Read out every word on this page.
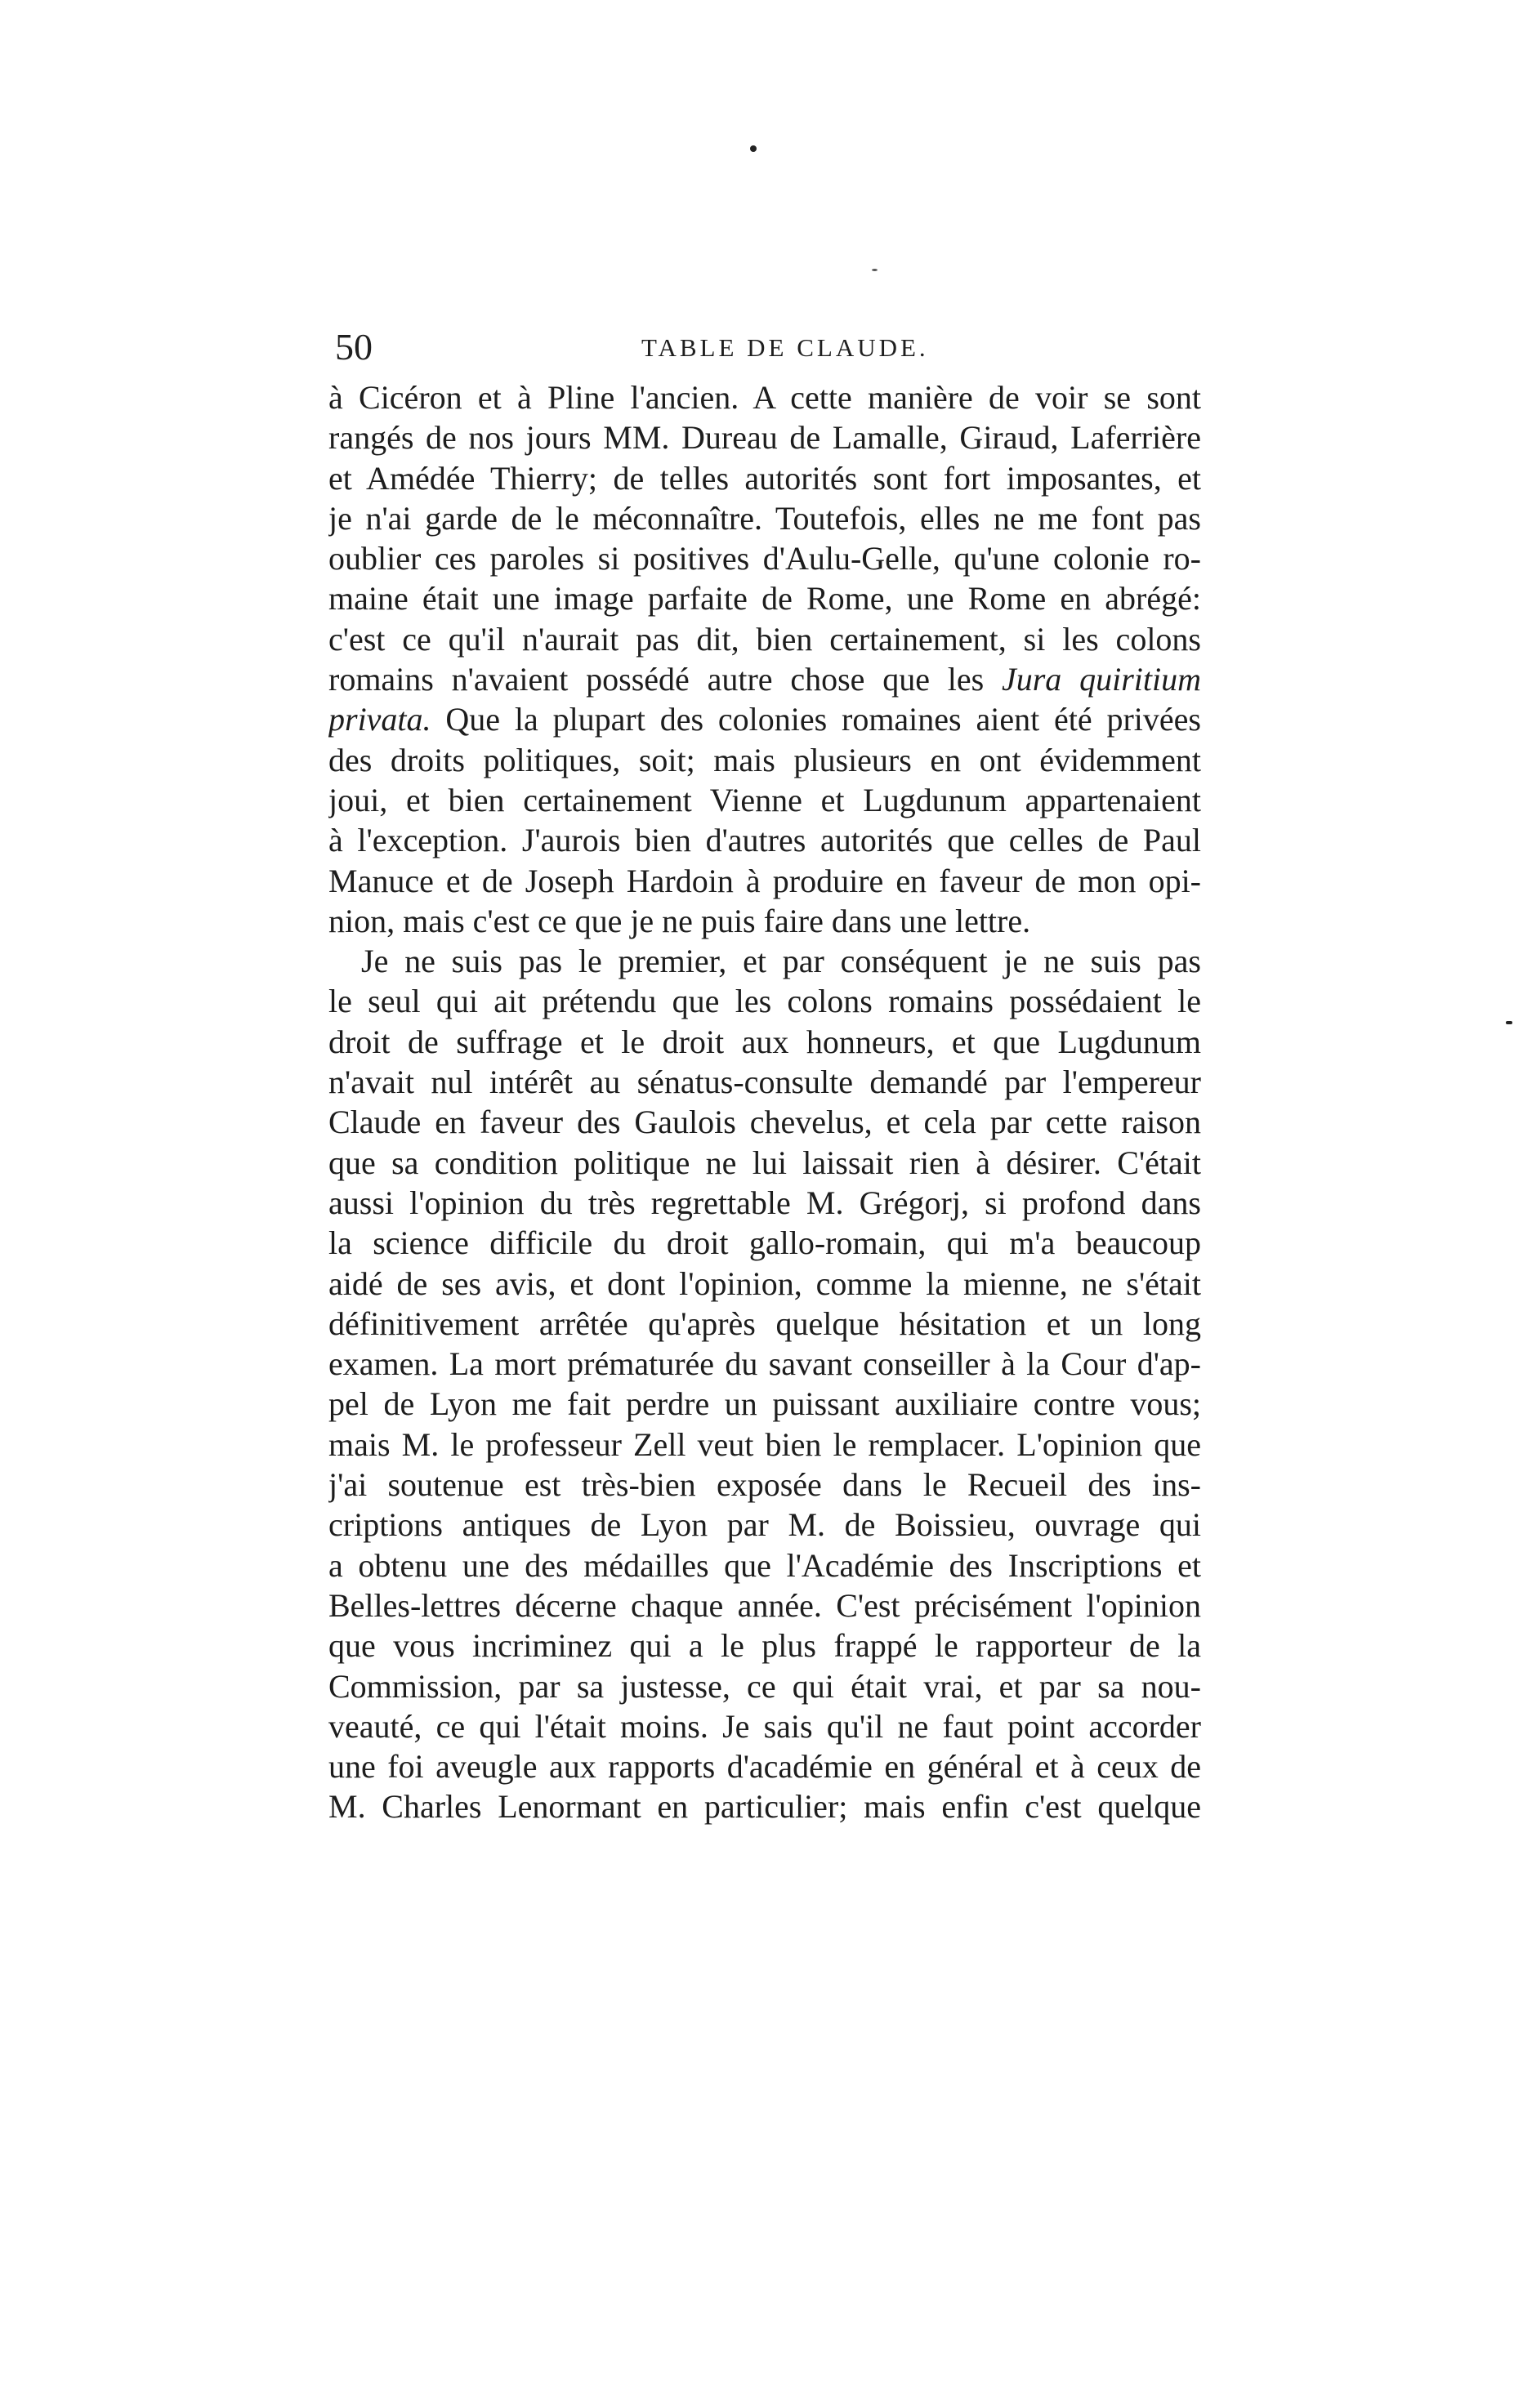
50	TABLE DE CLAUDE.
à Cicéron et à Pline l'ancien. A cette manière de voir se sont
rangés de nos jours MM. Dureau de Lamalle, Giraud, Laferrière
et Amédée Thierry; de telles autorités sont fort imposantes, et
je n'ai garde de le méconnaître. Toutefois, elles ne me font pas
oublier ces paroles si positives d'Aulu-Gelle, qu'une colonie ro-
maine était une image parfaite de Rome, une Rome en abrégé:
c'est ce qu'il n'aurait pas dit, bien certainement, si les colons
romains n'avaient possédé autre chose que les Jura quiritium
privata. Que la plupart des colonies romaines aient été privées
des droits politiques, soit; mais plusieurs en ont évidemment
joui, et bien certainement Vienne et Lugdunum appartenaient
à l'exception. J'aurois bien d'autres autorités que celles de Paul
Manuce et de Joseph Hardoin à produire en faveur de mon opi-
nion, mais c'est ce que je ne puis faire dans une lettre.
Je ne suis pas le premier, et par conséquent je ne suis pas
le seul qui ait prétendu que les colons romains possédaient le
droit de suffrage et le droit aux honneurs, et que Lugdunum
n'avait nul intérêt au sénatus-consulte demandé par l'empereur
Claude en faveur des Gaulois chevelus, et cela par cette raison
que sa condition politique ne lui laissait rien à désirer. C'était
aussi l'opinion du très regrettable M. Grégorj, si profond dans
la science difficile du droit gallo-romain, qui m'a beaucoup
aidé de ses avis, et dont l'opinion, comme la mienne, ne s'était
définitivement arrêtée qu'après quelque hésitation et un long
examen. La mort prématurée du savant conseiller à la Cour d'ap-
pel de Lyon me fait perdre un puissant auxiliaire contre vous;
mais M. le professeur Zell veut bien le remplacer. L'opinion que
j'ai soutenue est très-bien exposée dans le Recueil des ins-
criptions antiques de Lyon par M. de Boissieu, ouvrage qui
a obtenu une des médailles que l'Académie des Inscriptions et
Belles-lettres décerne chaque année. C'est précisément l'opinion
que vous incriminez qui a le plus frappé le rapporteur de la
Commission, par sa justesse, ce qui était vrai, et par sa nou-
veauté, ce qui l'était moins. Je sais qu'il ne faut point accorder
une foi aveugle aux rapports d'académie en général et à ceux de
M. Charles Lenormant en particulier; mais enfin c'est quelque
